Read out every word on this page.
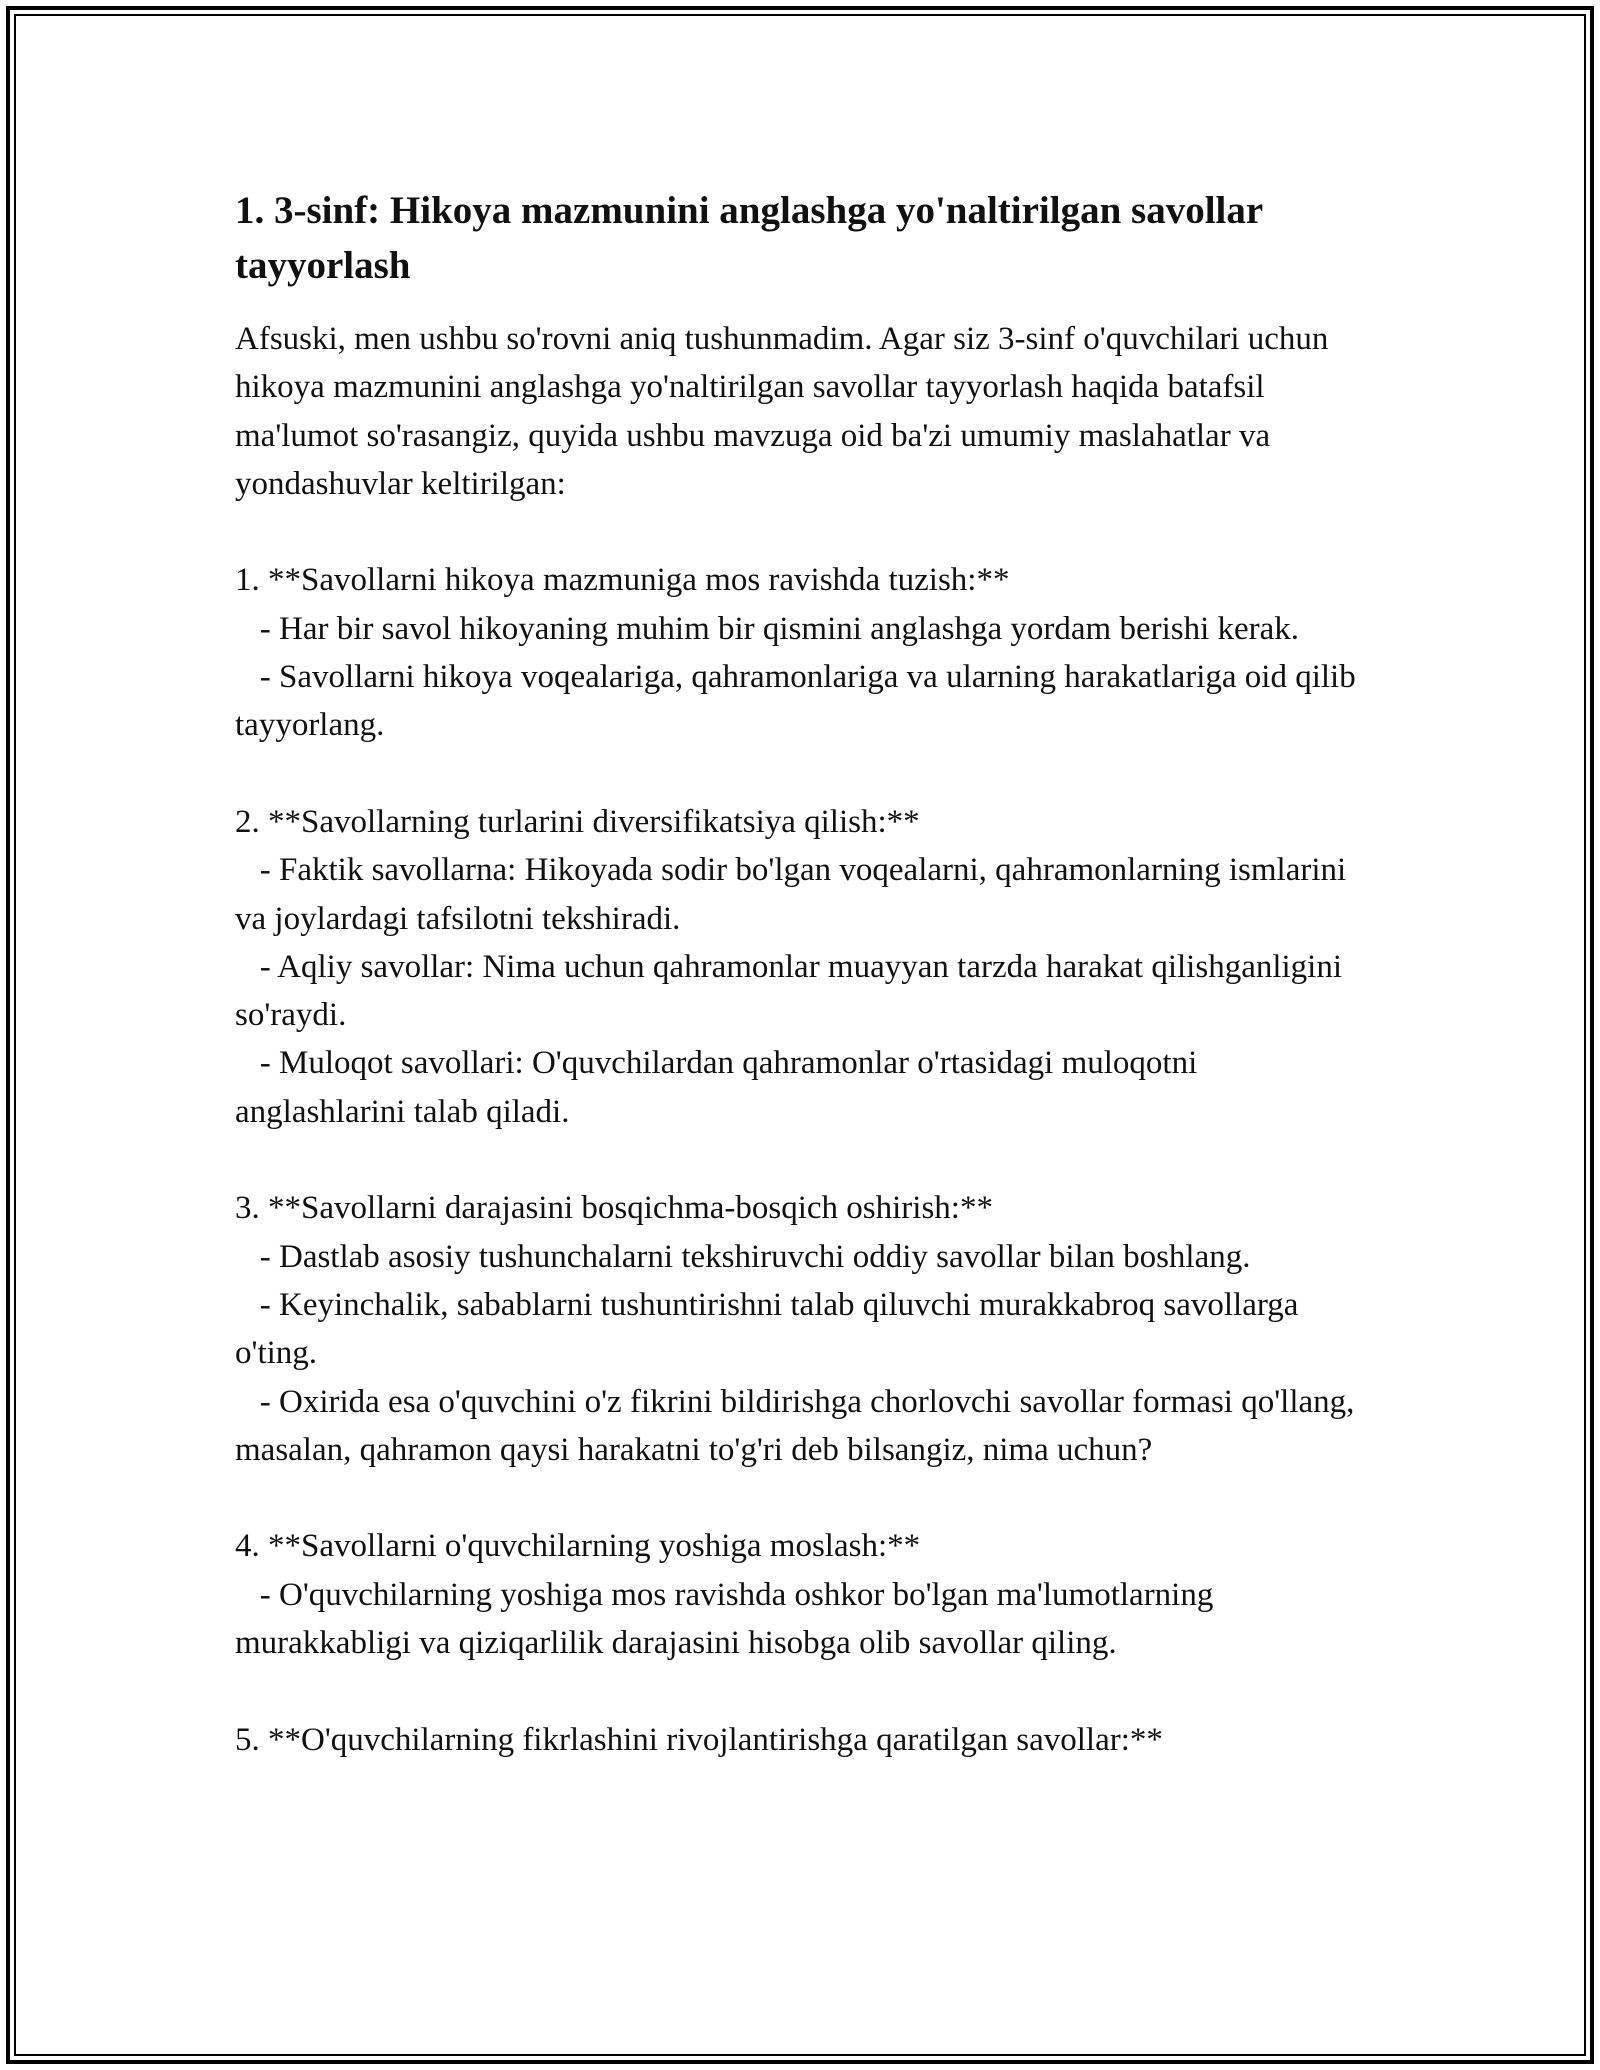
1. 3-sinf: Hikoya mazmunini anglashga yo'naltirilgan savollar tayyorlash

Afsuski, men ushbu so'rovni aniq tushunmadim. Agar siz 3-sinf o'quvchilari uchun hikoya mazmunini anglashga yo'naltirilgan savollar tayyorlash haqida batafsil ma'lumot so'rasangiz, quyida ushbu mavzuga oid ba'zi umumiy maslahatlar va yondashuvlar keltirilgan:

1. **Savollarni hikoya mazmuniga mos ravishda tuzish:**
- Har bir savol hikoyaning muhim bir qismini anglashga yordam berishi kerak.
- Savollarni hikoya voqealariga, qahramonlariga va ularning harakatlariga oid qilib tayyorlang.

2. **Savollarning turlarini diversifikatsiya qilish:**
- Faktik savollarna: Hikoyada sodir bo'lgan voqealarni, qahramonlarning ismlarini va joylardagi tafsilotni tekshiradi.
- Aqliy savollar: Nima uchun qahramonlar muayyan tarzda harakat qilishganligini so'raydi.
- Muloqot savollari: O'quvchilardan qahramonlar o'rtasidagi muloqotni anglashlarini talab qiladi.

3. **Savollarni darajasini bosqichma-bosqich oshirish:**
- Dastlab asosiy tushunchalarni tekshiruvchi oddiy savollar bilan boshlang.
- Keyinchalik, sabablarni tushuntirishni talab qiluvchi murakkabroq savollarga o'ting.
- Oxirida esa o'quvchini o'z fikrini bildirishga chorlovchi savollar formasi qo'llang, masalan, qahramon qaysi harakatni to'g'ri deb bilsangiz, nima uchun?

4. **Savollarni o'quvchilarning yoshiga moslash:**
- O'quvchilarning yoshiga mos ravishda oshkor bo'lgan ma'lumotlarning murakkabligi va qiziqarlilik darajasini hisobga olib savollar qiling.

5. **O'quvchilarning fikrlashini rivojlantirishga qaratilgan savollar:**
